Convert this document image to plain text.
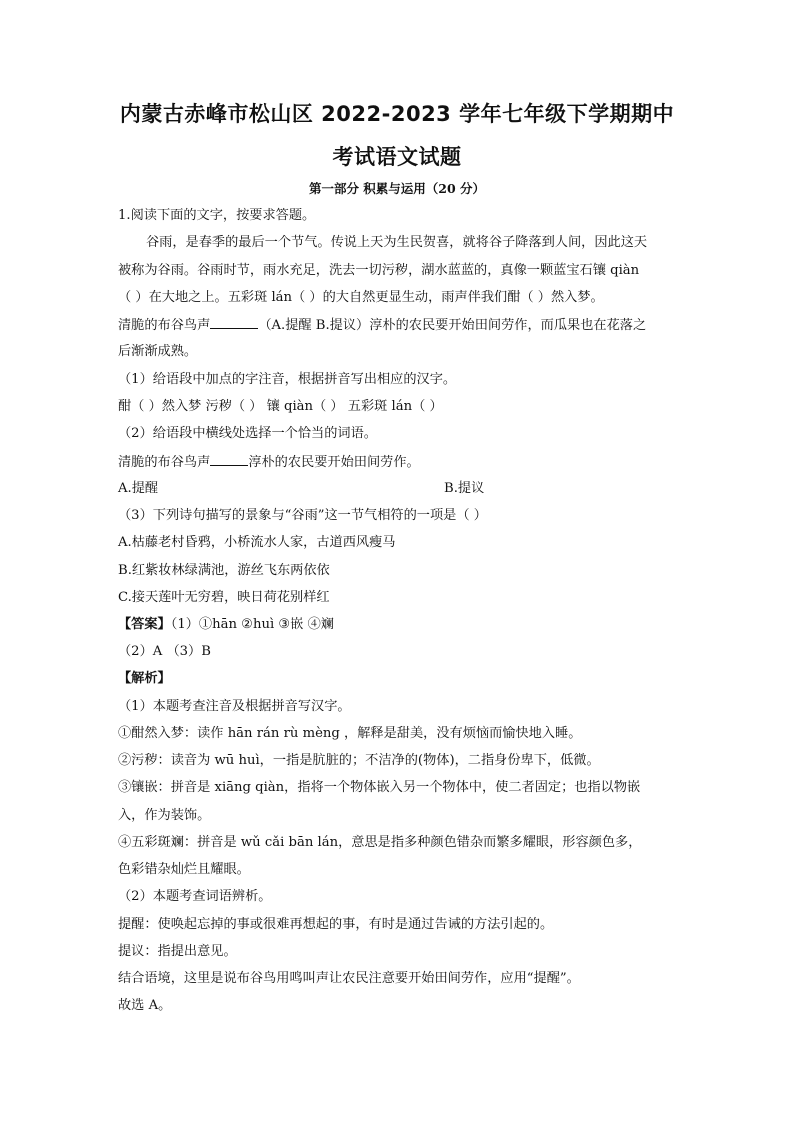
内蒙古赤峰市松山区 2022-2023 学年七年级下学期期中
考试语文试题
第一部分 积累与运用（20 分）
1.阅读下面的文字，按要求答题。
谷雨，是春季的最后一个节气。传说上天为生民贺喜，就将谷子降落到人间，因此这天
被称为谷雨。谷雨时节，雨水充足，洗去一切污秽，湖水蓝蓝的，真像一颗蓝宝石镶 qiàn
（ ）在大地之上。五彩斑 lán（ ）的大自然更显生动，雨声伴我们酣（ ）然入梦。
清脆的布谷鸟声	（A.提醒 B.提议）淳朴的农民要开始田间劳作，而瓜果也在花落之
后渐渐成熟。
（1）给语段中加点的字注音，根据拼音写出相应的汉字。
酣（ ）然入梦 污秽（ ） 镶 qiàn（ ） 五彩斑 lán（ ）
（2）给语段中横线处选择一个恰当的词语。
清脆的布谷鸟声	淳朴的农民要开始田间劳作。
A.提醒	B.提议
（3）下列诗句描写的景象与“谷雨”这一节气相符的一项是（ ）
A.枯藤老村昏鸦，小桥流水人家，古道西风瘦马
B.红紫妆林绿满池，游丝飞东两依依
C.接天莲叶无穷碧，映日荷花别样红
【答案】（1）①hān ②huì ③嵌 ④斓
（2）A （3）B
【解析】
（1）本题考查注音及根据拼音写汉字。
①酣然入梦：读作 hān rán rù mèng ，解释是甜美，没有烦恼而愉快地入睡。
②污秽：读音为 wū huì，一指是肮脏的；不洁净的(物体)，二指身份卑下，低微。
③镶嵌：拼音是 xiāng qiàn，指将一个物体嵌入另一个物体中，使二者固定；也指以物嵌
入，作为装饰。
④五彩斑斓：拼音是 wǔ cǎi bān lán，意思是指多种颜色错杂而繁多耀眼，形容颜色多，
色彩错杂灿烂且耀眼。
（2）本题考查词语辨析。
提醒：使唤起忘掉的事或很难再想起的事，有时是通过告诫的方法引起的。
提议：指提出意见。
结合语境，这里是说布谷鸟用鸣叫声让农民注意要开始田间劳作，应用“提醒”。
故选 A。
